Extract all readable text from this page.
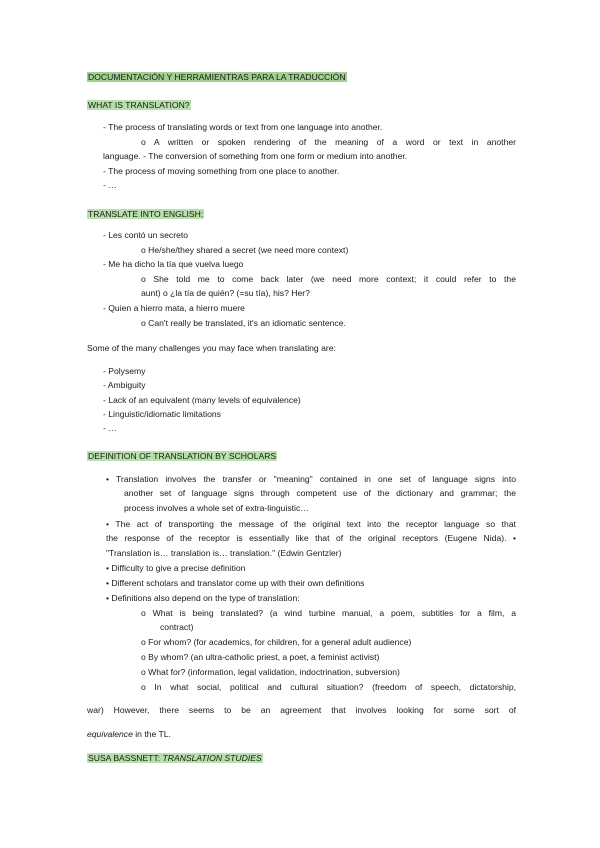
DOCUMENTACIÓN Y HERRAMIENTRAS PARA LA TRADUCCIÓN
WHAT IS TRANSLATION?
- The process of translating words or text from one language into another.
o A written or spoken rendering of the meaning of a word or text in another
language. - The conversion of something from one form or medium into another.
- The process of moving something from one place to another.
- …
TRANSLATE INTO ENGLISH:
- Les contó un secreto
o He/she/they shared a secret (we need more context)
- Me ha dicho la tía que vuelva luego
o She told me to come back later (we need more context; it could refer to the
aunt) o ¿la tía de quién? (=su tía), his? Her?
- Quien a hierro mata, a hierro muere
o Can't really be translated, it's an idiomatic sentence.
Some of the many challenges you may face when translating are:
- Polysemy
- Ambiguity
- Lack of an equivalent (many levels of equivalence)
- Linguistic/idiomatic limitations
- …
DEFINITION OF TRANSLATION BY SCHOLARS
• Translation involves the transfer or "meaning" contained in one set of language signs into
another set of language signs through competent use of the dictionary and grammar; the
process involves a whole set of extra-linguistic…
• The act of transporting the message of the original text into the receptor language so that
the response of the receptor is essentially like that of the original receptors (Eugene Nida). •
"Translation is… translation is… translation." (Edwin Gentzler)
• Difficulty to give a precise definition
• Different scholars and translator come up with their own definitions
• Definitions also depend on the type of translation:
o What is being translated? (a wind turbine manual, a poem, subtitles for a film, a
contract)
o For whom? (for academics, for children, for a general adult audience)
o By whom? (an ultra-catholic priest, a poet, a feminist activist)
o What for? (information, legal validation, indoctrination, subversion)
o In what social, political and cultural situation? (freedom of speech, dictatorship,
war) However, there seems to be an agreement that involves looking for some sort of
equivalence in the TL.
SUSA BASSNETT: TRANSLATION STUDIES
